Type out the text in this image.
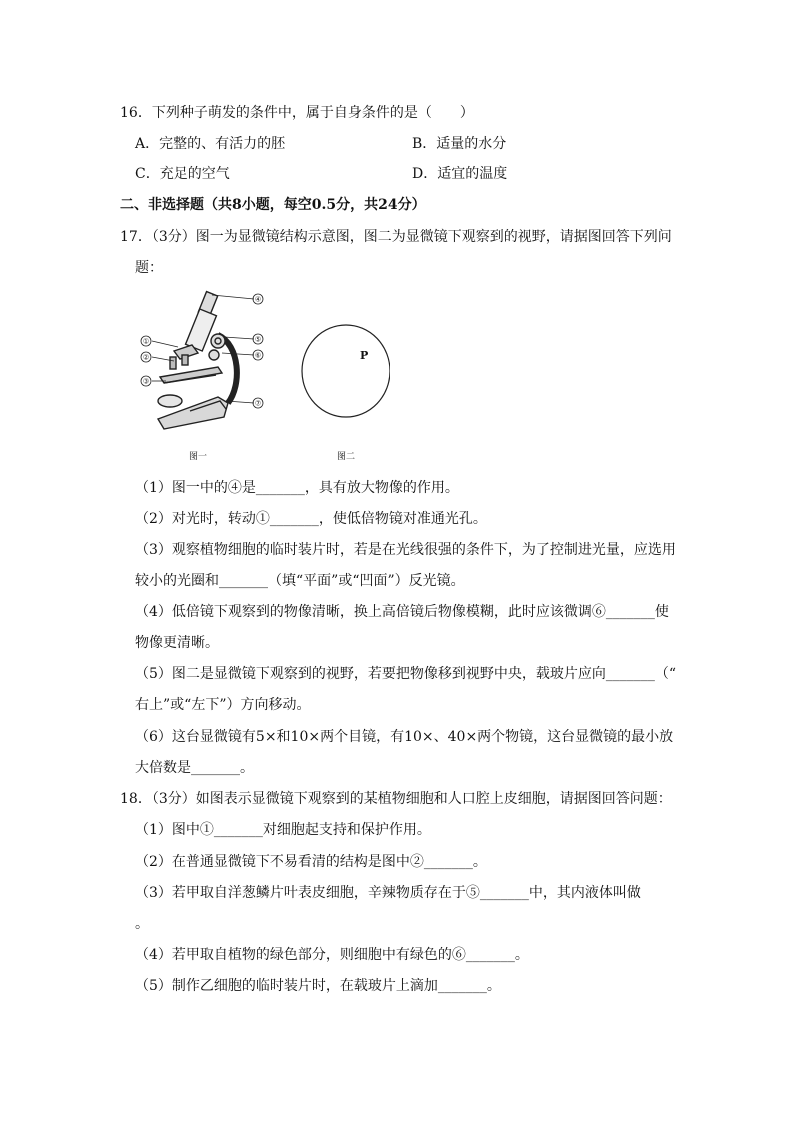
16．下列种子萌发的条件中，属于自身条件的是（　　）
A．完整的、有活力的胚	B．适量的水分
C．充足的空气	D．适宜的温度
二、非选择题（共8小题，每空0.5分，共24分）
17．（3分）图一为显微镜结构示意图，图二为显微镜下观察到的视野，请据图回答下列问
题：
④
⑤
⑥
⑦
①
②
③
P
图一	图二
（1）图一中的④是_______，具有放大物像的作用。
（2）对光时，转动①_______，使低倍物镜对准通光孔。
（3）观察植物细胞的临时装片时，若是在光线很强的条件下，为了控制进光量，应选用
较小的光圈和_______（填“平面”或“凹面”）反光镜。
（4）低倍镜下观察到的物像清晰，换上高倍镜后物像模糊，此时应该微调⑥_______使
物像更清晰。
（5）图二是显微镜下观察到的视野，若要把物像移到视野中央，载玻片应向_______（“
右上”或“左下”）方向移动。
（6）这台显微镜有5×和10×两个目镜，有10×、40×两个物镜，这台显微镜的最小放
大倍数是_______。
18．（3分）如图表示显微镜下观察到的某植物细胞和人口腔上皮细胞，请据图回答问题：
（1）图中①_______对细胞起支持和保护作用。
（2）在普通显微镜下不易看清的结构是图中②_______。
（3）若甲取自洋葱鳞片叶表皮细胞，辛辣物质存在于⑤_______中，其内液体叫做
。
（4）若甲取自植物的绿色部分，则细胞中有绿色的⑥_______。
（5）制作乙细胞的临时装片时，在载玻片上滴加_______。
